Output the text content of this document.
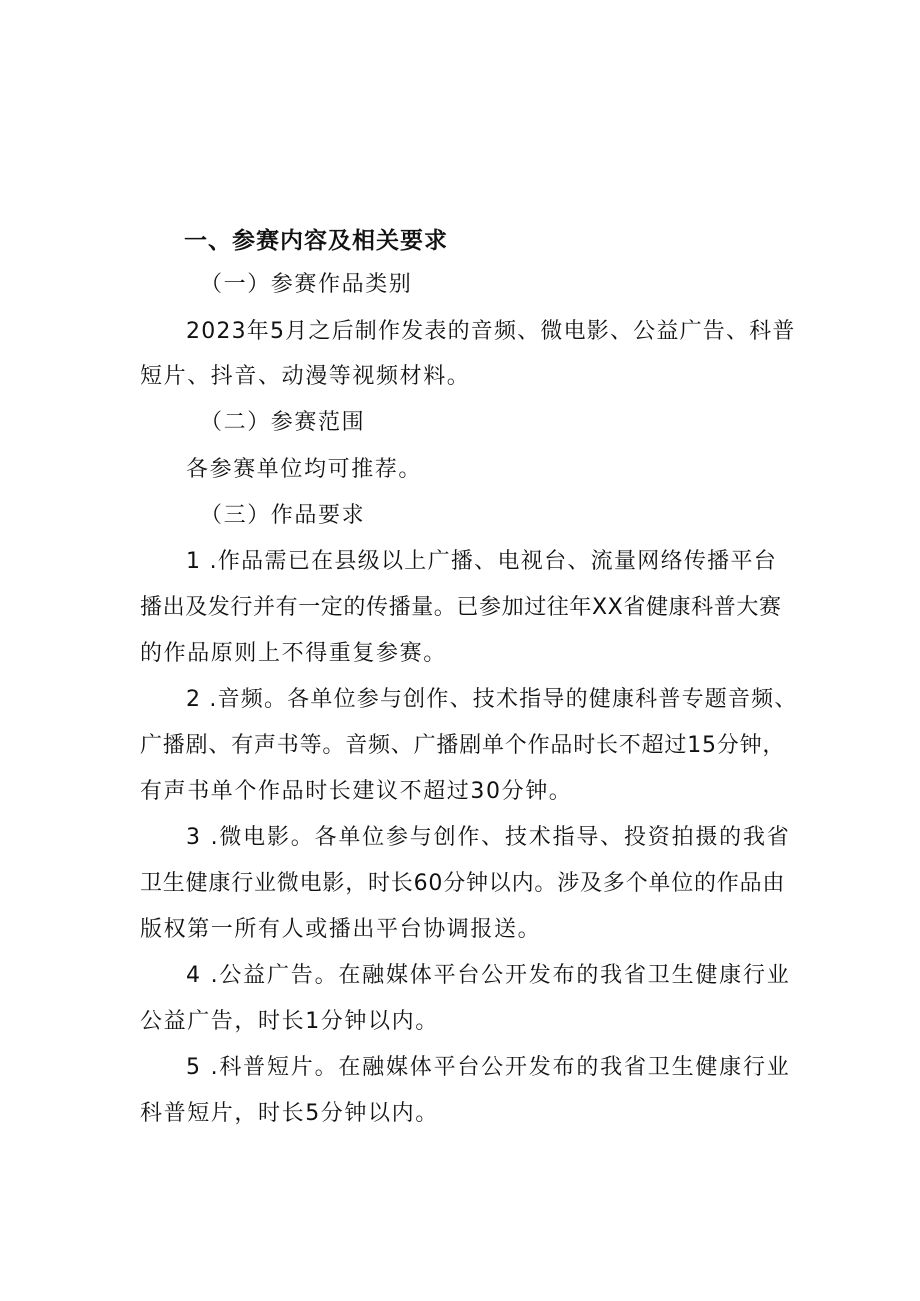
一、参赛内容及相关要求
（一）参赛作品类别
2023年5月之后制作发表的音频、微电影、公益广告、科普
短片、抖音、动漫等视频材料。
（二）参赛范围
各参赛单位均可推荐。
（三）作品要求
1 .作品需已在县级以上广播、电视台、流量网络传播平台
播出及发行并有一定的传播量。已参加过往年XX省健康科普大赛
的作品原则上不得重复参赛。
2 .音频。各单位参与创作、技术指导的健康科普专题音频、
广播剧、有声书等。音频、广播剧单个作品时长不超过15分钟，
有声书单个作品时长建议不超过30分钟。
3 .微电影。各单位参与创作、技术指导、投资拍摄的我省
卫生健康行业微电影，时长60分钟以内。涉及多个单位的作品由
版权第一所有人或播出平台协调报送。
4 .公益广告。在融媒体平台公开发布的我省卫生健康行业
公益广告，时长1分钟以内。
5 .科普短片。在融媒体平台公开发布的我省卫生健康行业
科普短片，时长5分钟以内。
